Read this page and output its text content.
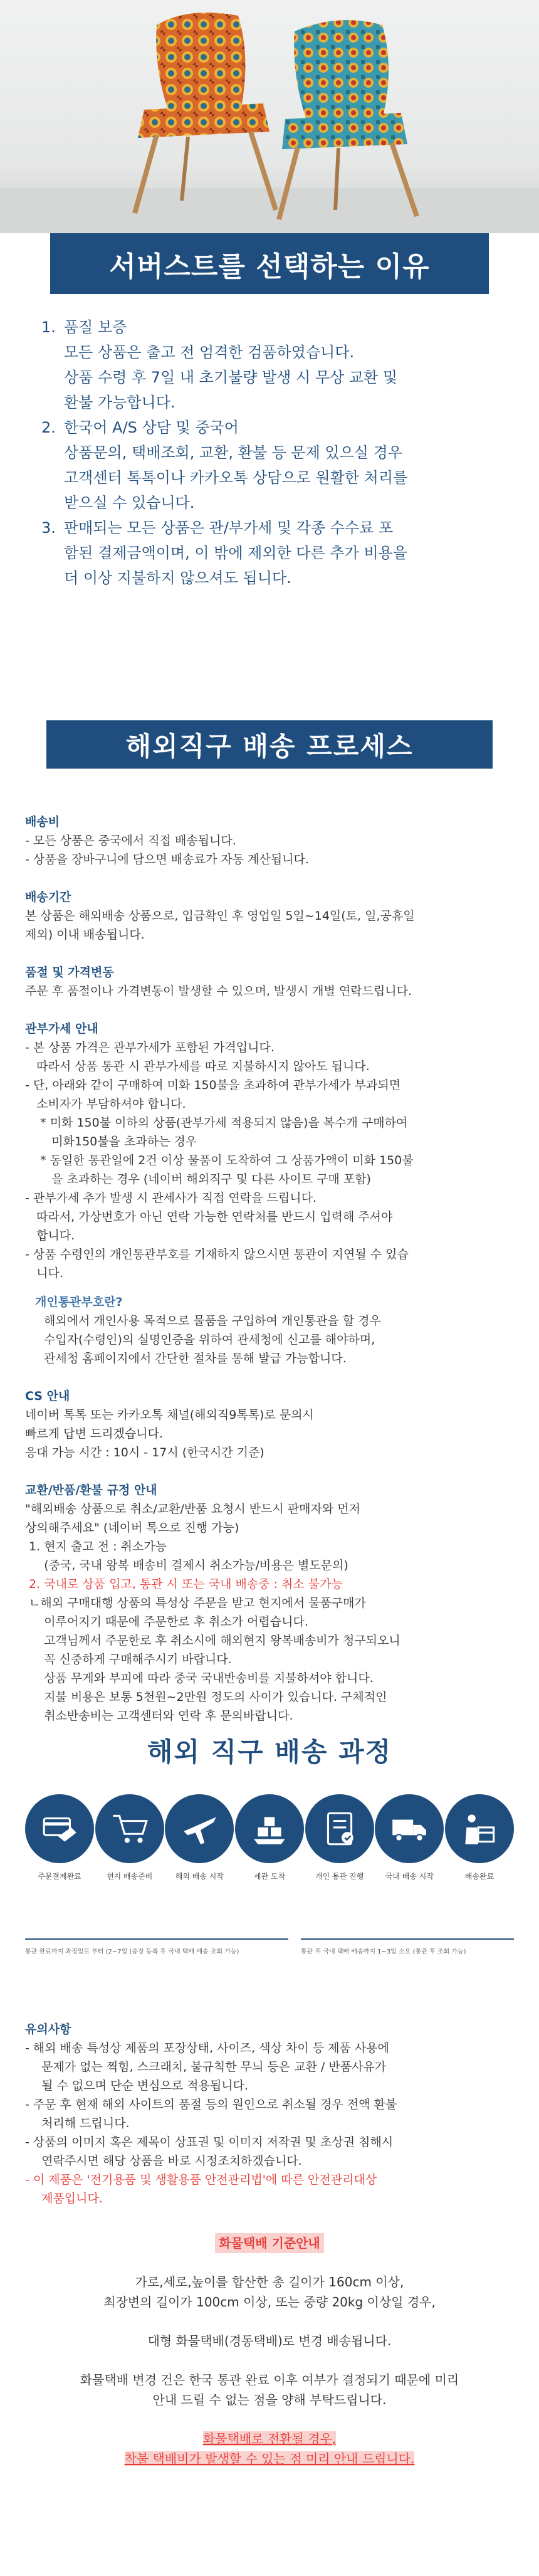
서버스트를 선택하는 이유
1. 품질 보증
모든 상품은 출고 전 엄격한 검품하였습니다.
상품 수령 후 7일 내 초기불량 발생 시 무상 교환 및
환불 가능합니다.
2. 한국어 A/S 상담 및 중국어
상품문의, 택배조회, 교환, 환불 등 문제 있으실 경우
고객센터 톡톡이나 카카오톡 상담으로 원활한 처리를
받으실 수 있습니다.
3. 판매되는 모든 상품은 관/부가세 및 각종 수수료 포
함된 결제금액이며, 이 밖에 제외한 다른 추가 비용을
더 이상 지불하지 않으셔도 됩니다.
해외직구 배송 프로세스
배송비

- 모든 상품은 중국에서 직접 배송됩니다.
- 상품을 장바구니에 담으면 배송료가 자동 계산됩니다.

배송기간

본 상품은 해외배송 상품으로, 입금확인 후 영업일 5일~14일(토, 일,공휴일
제외) 이내 배송됩니다.

품절 및 가격변동

주문 후 품절이나 가격변동이 발생할 수 있으며, 발생시 개별 연락드립니다.

관부가세 안내

- 본 상품 가격은 관부가세가 포함된 가격입니다.
따라서 상품 통관 시 관부가세를 따로 지불하시지 않아도 됩니다.
- 단, 아래와 같이 구매하여 미화 150불을 초과하여 관부가세가 부과되면
소비자가 부담하셔야 합니다.
* 미화 150불 이하의 상품(관부가세 적용되지 않음)을 복수개 구매하여
미화150불을 초과하는 경우
* 동일한 통관일에 2건 이상 물품이 도착하여 그 상품가액이 미화 150불
을 초과하는 경우 (네이버 해외직구 및 다른 사이트 구매 포함)
- 관부가세 추가 발생 시 관세사가 직접 연락을 드립니다.
따라서, 가상번호가 아닌 연락 가능한 연락처를 반드시 입력해 주셔야
합니다.
- 상품 수령인의 개인통관부호를 기재하지 않으시면 통관이 지연될 수 있습
니다.

개인통관부호란?

해외에서 개인사용 목적으로 물품을 구입하여 개인통관을 할 경우
수입자(수령인)의 실명인증을 위하여 관세청에 신고를 해야하며,
관세청 홈페이지에서 간단한 절차를 통해 발급 가능합니다.

CS 안내

네이버 톡톡 또는 카카오톡 채널(해외직9톡톡)로 문의시
빠르게 답변 드리겠습니다.
응대 가능 시간 : 10시 - 17시 (한국시간 기준)

교환/반품/환불 규정 안내

"해외배송 상품으로 취소/교환/반품 요청시 반드시 판매자와 먼저
상의해주세요" (네이버 톡으로 진행 가능)

1. 현지 출고 전 : 취소가능
(중국, 국내 왕복 배송비 결제시 취소가능/비용은 별도문의)

2. 국내로 상품 입고, 통관 시 또는 국내 배송중 : 취소 불가능

ㄴ해외 구매대행 상품의 특성상 주문을 받고 현지에서 물품구매가
이루어지기 때문에 주문한로 후 취소가 어렵습니다.
고객님께서 주문한로 후 취소시에 해외현지 왕복배송비가 청구되오니
꼭 신중하게 구매해주시기 바랍니다.
상품 무게와 부피에 따라 중국 국내반송비를 지불하셔야 합니다.
지불 비용은 보통 5천원~2만원 정도의 사이가 있습니다. 구체적인
취소반송비는 고객센터와 연락 후 문의바랍니다.

해외 직구 배송 과정
주문결제완료	현지 배송준비	해외 배송 시작	세관 도착	개인 통관 진행	국내 배송 시작	배송완료
통관 완료까지 과정일로 부터 (2~7일 (송장 등록 후 국내 택배 배송 조회 가능)	통관 후 국내 택배 배송까지 1~3일 소요 (통관 후 조회 가능)
유의사항

- 해외 배송 특성상 제품의 포장상태, 사이즈, 색상 차이 등 제품 사용에
문제가 없는 찍힘, 스크래치, 불규칙한 무늬 등은 교환 / 반품사유가
될 수 없으며 단순 변심으로 적용됩니다.

- 주문 후 현재 해외 사이트의 품절 등의 원인으로 취소될 경우 전액 환불
처리해 드립니다.

- 상품의 이미지 혹은 제목이 상표권 및 이미지 저작권 및 초상권 침해시
연락주시면 해당 상품을 바로 시정조치하겠습니다.

- 이 제품은 '전기용품 및 생활용품 안전관리법'에 따른 안전관리대상
제품입니다.

화물택배 기준안내
가로,세로,높이를 합산한 총 길이가 160cm 이상,
최장변의 길이가 100cm 이상, 또는 중량 20kg 이상일 경우,
대형 화물택배(경동택배)로 변경 배송됩니다.
화물택배 변경 건은 한국 통관 완료 이후 여부가 결정되기 때문에 미리
안내 드릴 수 없는 점을 양해 부탁드립니다.
화물택배로 전환될 경우,
착불 택배비가 발생할 수 있는 점 미리 안내 드립니다.
